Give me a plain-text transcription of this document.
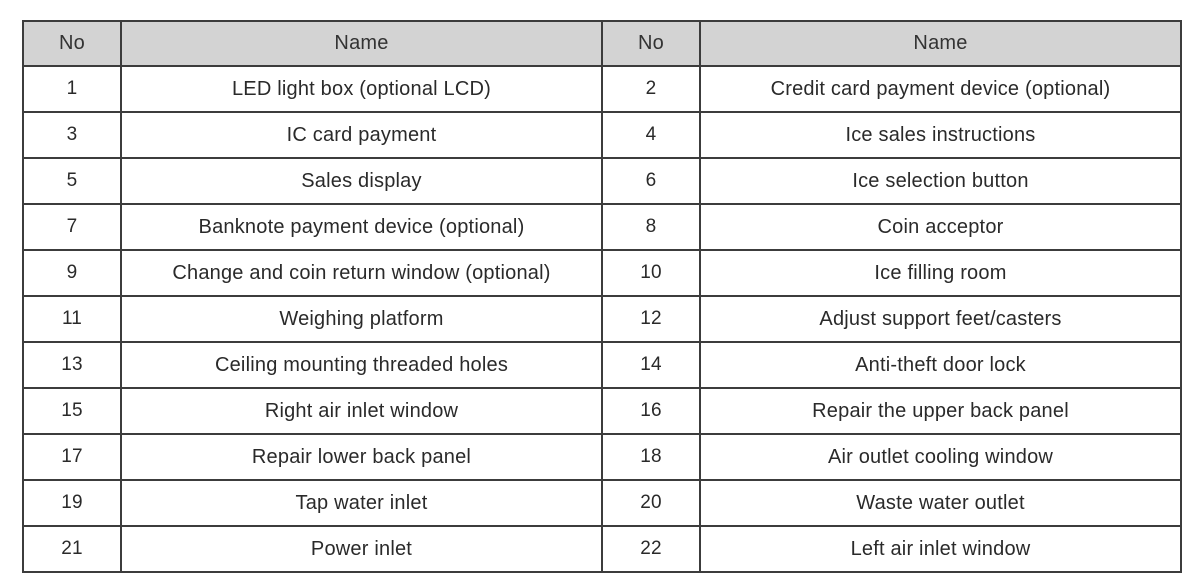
No	Name	No	Name
1	LED light box (optional LCD)	2	Credit card payment device (optional)
3	IC card payment	4	Ice sales instructions
5	Sales display	6	Ice selection button
7	Banknote payment device (optional)	8	Coin acceptor
9	Change and coin return window (optional)	10	Ice filling room
11	Weighing platform	12	Adjust support feet/casters
13	Ceiling mounting threaded holes	14	Anti-theft door lock
15	Right air inlet window	16	Repair the upper back panel
17	Repair lower back panel	18	Air outlet cooling window
19	Tap water inlet	20	Waste water outlet
21	Power inlet	22	Left air inlet window
